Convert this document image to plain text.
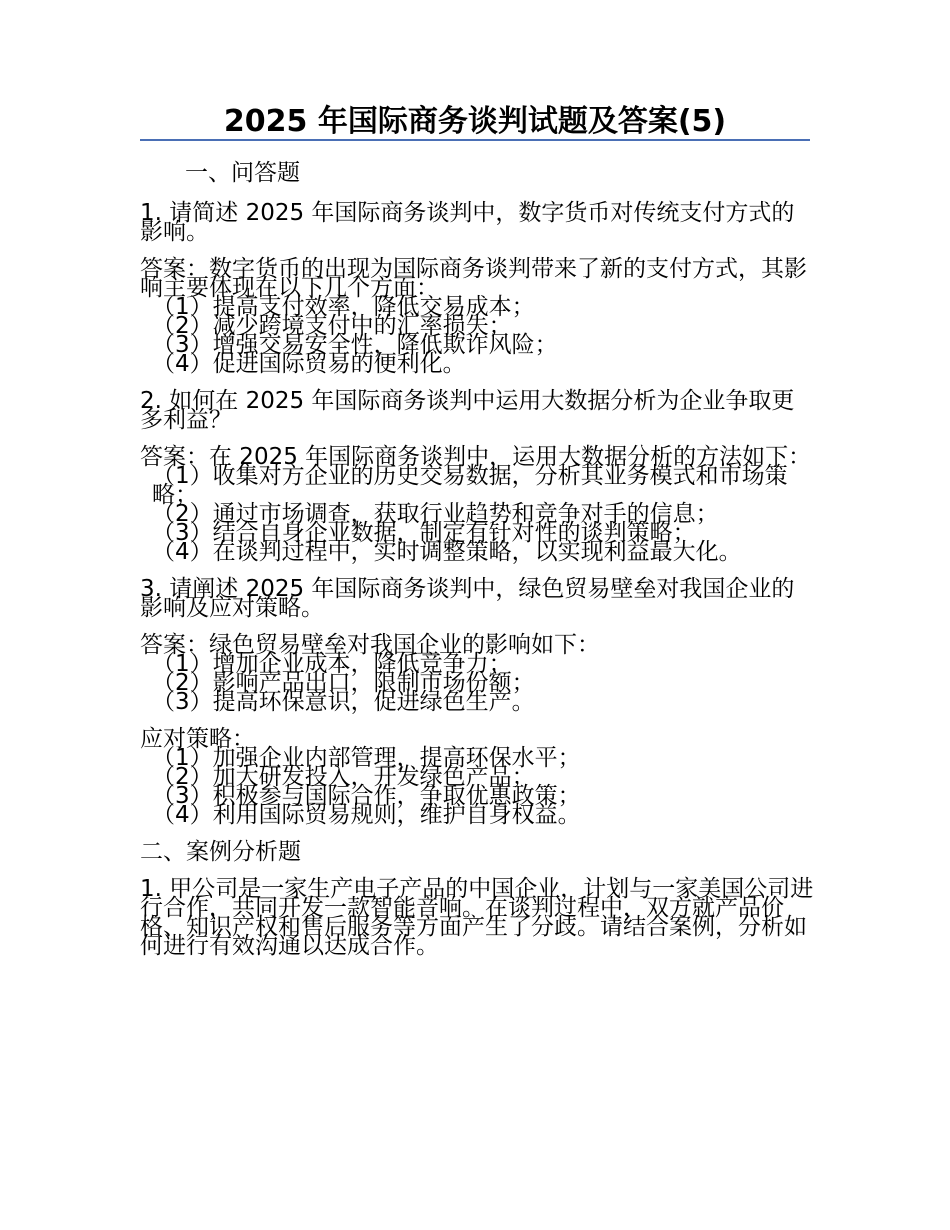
2025 年国际商务谈判试题及答案(5)

一、问答题

1. 请简述 2025 年国际商务谈判中，数字货币对传统支付方式的影响。

答案：数字货币的出现为国际商务谈判带来了新的支付方式，其影响主要体现在以下几个方面：

（1）提高支付效率，降低交易成本；

（2）减少跨境支付中的汇率损失；

（3）增强交易安全性，降低欺诈风险；

（4）促进国际贸易的便利化。

2. 如何在 2025 年国际商务谈判中运用大数据分析为企业争取更多利益？

答案：在 2025 年国际商务谈判中，运用大数据分析的方法如下：

（1）收集对方企业的历史交易数据，分析其业务模式和市场策略；

（2）通过市场调查，获取行业趋势和竞争对手的信息；

（3）结合自身企业数据，制定有针对性的谈判策略；

（4）在谈判过程中，实时调整策略，以实现利益最大化。

3. 请阐述 2025 年国际商务谈判中，绿色贸易壁垒对我国企业的影响及应对策略。

答案：绿色贸易壁垒对我国企业的影响如下：

（1）增加企业成本，降低竞争力；

（2）影响产品出口，限制市场份额；

（3）提高环保意识，促进绿色生产。

应对策略：

（1）加强企业内部管理，提高环保水平；

（2）加大研发投入，开发绿色产品；

（3）积极参与国际合作，争取优惠政策；

（4）利用国际贸易规则，维护自身权益。

二、案例分析题

1. 甲公司是一家生产电子产品的中国企业，计划与一家美国公司进行合作，共同开发一款智能音响。在谈判过程中，双方就产品价格、知识产权和售后服务等方面产生了分歧。请结合案例，分析如何进行有效沟通以达成合作。
